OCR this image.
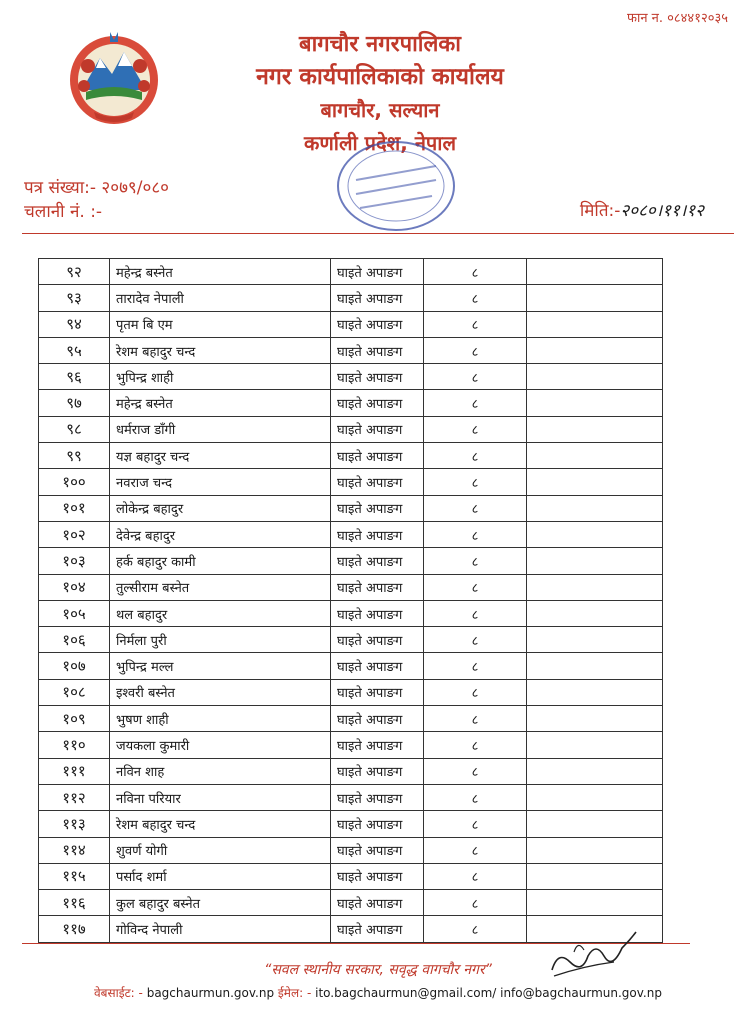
फान न. ०८४४१२०३५
बागचौर नगरपालिका
नगर कार्यपालिकाको कार्यालय
बागचौर, सल्यान
कर्णाली प्रदेश, नेपाल
पत्र संख्या:- २०७९/०८०
चलानी नं. :-	मिति:-२०८०।११।१२
९२	महेन्द्र बस्नेत	घाइते अपाङग	८	
९३	तारादेव नेपाली	घाइते अपाङग	८	
९४	पृतम बि एम	घाइते अपाङग	८	
९५	रेशम बहादुर चन्द	घाइते अपाङग	८	
९६	भुपिन्द्र शाही	घाइते अपाङग	८	
९७	महेन्द्र बस्नेत	घाइते अपाङग	८	
९८	धर्मराज डाँगी	घाइते अपाङग	८	
९९	यज्ञ बहादुर चन्द	घाइते अपाङग	८	
१००	नवराज चन्द	घाइते अपाङग	८	
१०१	लोकेन्द्र बहादुर	घाइते अपाङग	८	
१०२	देवेन्द्र बहादुर	घाइते अपाङग	८	
१०३	हर्क बहादुर कामी	घाइते अपाङग	८	
१०४	तुल्सीराम बस्नेत	घाइते अपाङग	८	
१०५	थल बहादुर	घाइते अपाङग	८	
१०६	निर्मला पुरी	घाइते अपाङग	८	
१०७	भुपिन्द्र मल्ल	घाइते अपाङग	८	
१०८	इश्वरी बस्नेत	घाइते अपाङग	८	
१०९	भुषण शाही	घाइते अपाङग	८	
११०	जयकला कुमारी	घाइते अपाङग	८	
१११	नविन शाह	घाइते अपाङग	८	
११२	नविना परियार	घाइते अपाङग	८	
११३	रेशम बहादुर चन्द	घाइते अपाङग	८	
११४	शुवर्ण योगी	घाइते अपाङग	८	
११५	पर्साद शर्मा	घाइते अपाङग	८	
११६	कुल बहादुर बस्नेत	घाइते अपाङग	८	
११७	गोविन्द नेपाली	घाइते अपाङग	८	
“सवल स्थानीय सरकार, सवृद्ध वागचौर नगर”
वेबसाईट: - bagchaurmun.gov.np ईमेल: - ito.bagchaurmun@gmail.com/ info@bagchaurmun.gov.np
